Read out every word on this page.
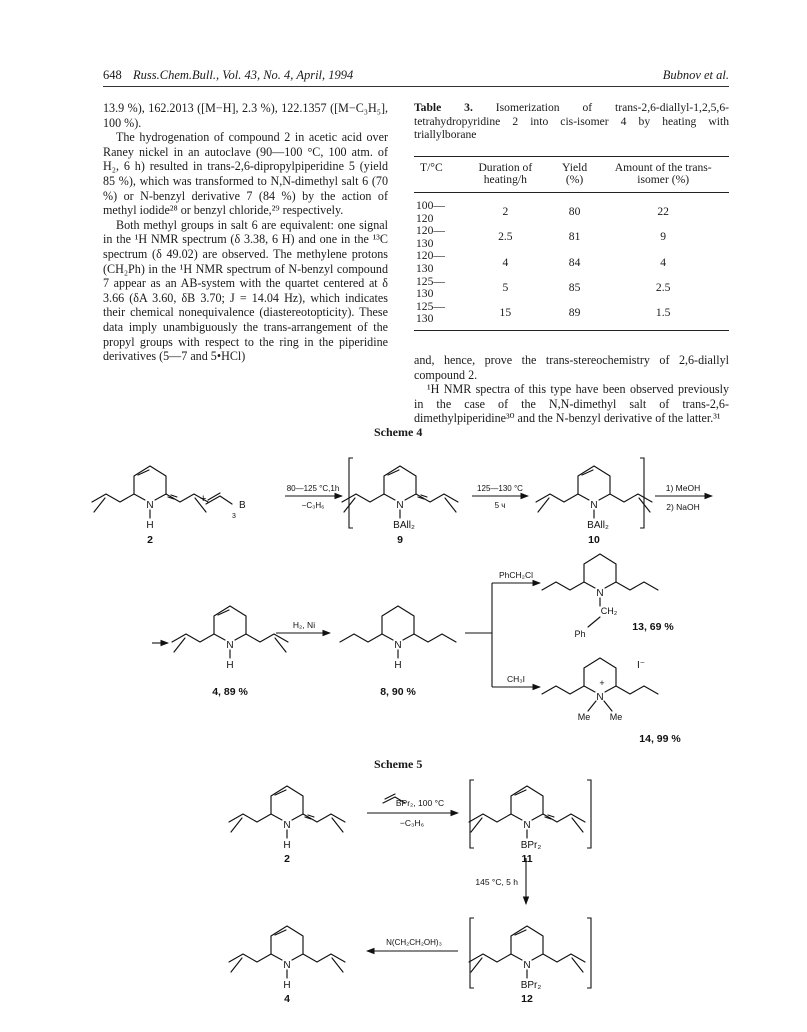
648 Russ.Chem.Bull., Vol. 43, No. 4, April, 1994	Bubnov et al.

13.9 %), 162.2013 ([M−H], 2.3 %), 122.1357 ([M−C₃H₅], 100 %).

The hydrogenation of compound 2 in acetic acid over Raney nickel in an autoclave (90—100 °C, 100 atm. of H₂, 6 h) resulted in trans-2,6-dipropylpiperidine 5 (yield 85 %), which was transformed to N,N-dimethyl salt 6 (70 %) or N-benzyl derivative 7 (84 %) by the action of methyl iodide²⁸ or benzyl chloride,²⁹ respectively.

Both methyl groups in salt 6 are equivalent: one signal in the ¹H NMR spectrum (δ 3.38, 6 H) and one in the ¹³C spectrum (δ 49.02) are observed. The methylene protons (CH₂Ph) in the ¹H NMR spectrum of N-benzyl compound 7 appear as an AB-system with the quartet centered at δ 3.66 (δA 3.60, δB 3.70; J = 14.04 Hz), which indicates their chemical nonequivalence (diastereotopticity). These data imply unambiguously the trans-arrangement of the propyl groups with respect to the ring in the piperidine derivatives (5—7 and 5•HCl)

Table 3. Isomerization of trans-2,6-diallyl-1,2,5,6-tetrahydropyridine 2 into cis-isomer 4 by heating with triallylborane

T/°C	Duration of heating/h	Yield (%)	Amount of the trans-isomer (%)
100—120	2	80	22
120—130	2.5	81	9
120—130	4	84	4
125—130	5	85	2.5
125—130	15	89	1.5

and, hence, prove the trans-stereochemistry of 2,6-diallyl compound 2.

¹H NMR spectra of this type have been observed previously in the case of the N,N-dimethyl salt of trans-2,6-dimethylpiperidine³⁰ and the N-benzyl derivative of the latter.³¹

Scheme 4
Scheme 5
B
3
+
80—125 °C,1h
−C₃H₆
125—130 °C
5 ч
1) MeOH
2) NaOH
H₂, Ni
PhCH₂Cl
CH₃I
2	9	10
4, 89 %	8, 90 %
13, 69 %
14, 99 %
I⁻
BPr₂, 100 °C
−C₃H₆
145 °C, 5 h
N(CH₂CH₂OH)₃
2	11
12
4
N
H
N
BAll₂
N
BAll₂
N
H
N
H
N
CH₂
Ph
N
+
Me Me
N
H
N
BPr₂
N
BPr₂
N
H
